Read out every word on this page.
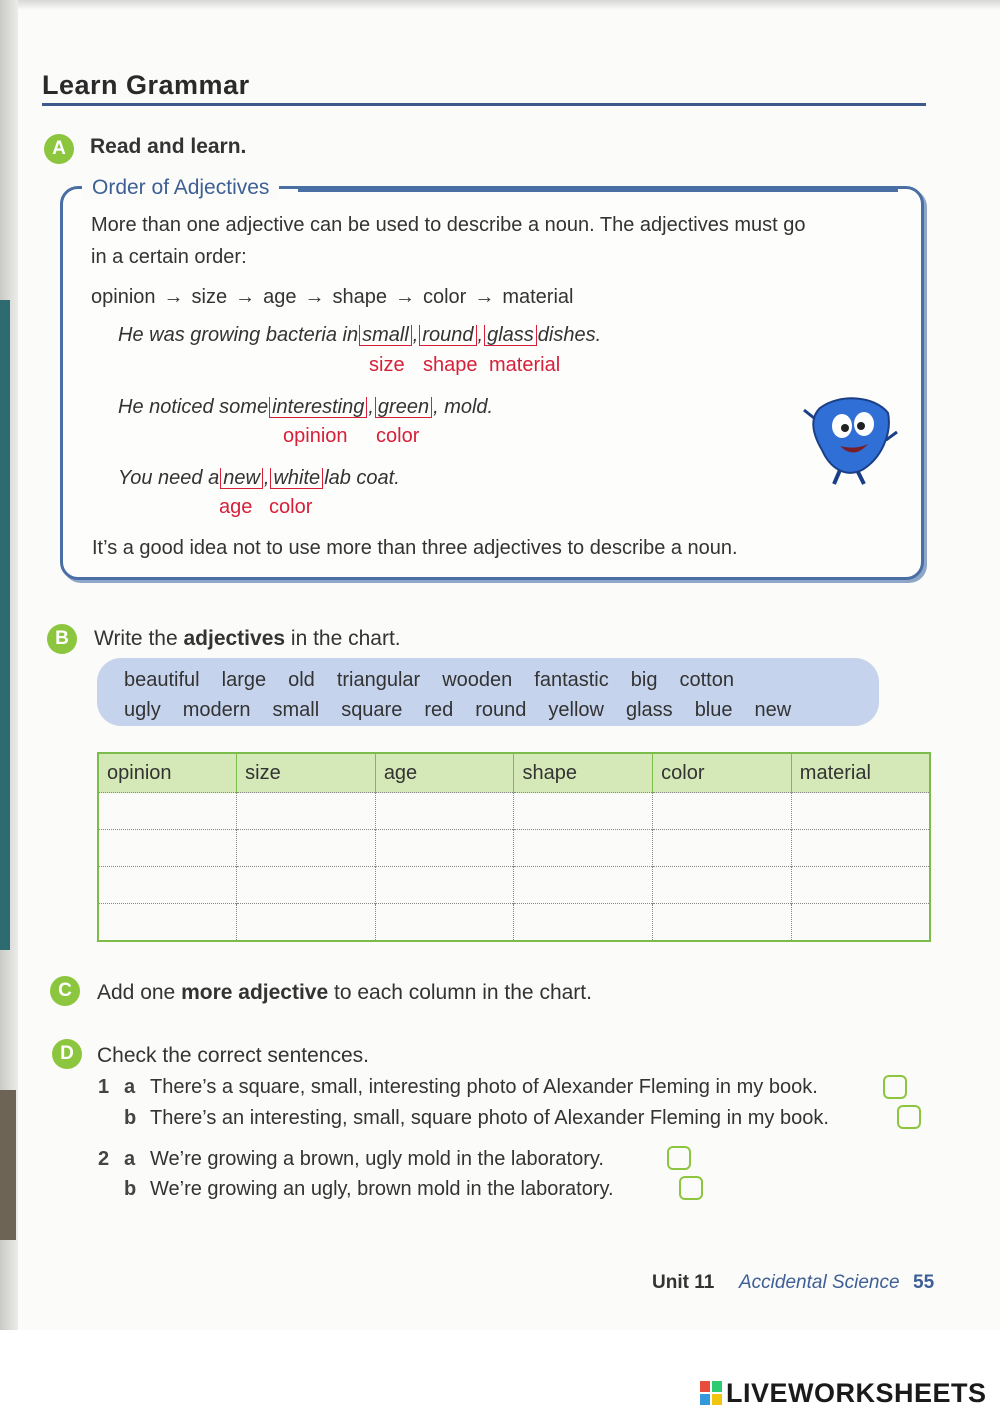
Learn Grammar
A	Read and learn.
Order of Adjectives
More than one adjective can be used to describe a noun. The adjectives must go
in a certain order:
opinion → size → age → shape → color → material
He was growing bacteria in small , round , glass dishes.
size shape material
He noticed some interesting , green , mold.
opinion color
You need a new , white lab coat.
age color
It’s a good idea not to use more than three adjectives to describe a noun.
B	Write the adjectives in the chart.
beautiful large old triangular wooden fantastic big cotton
ugly modern small square red round yellow glass blue new
opinion	size	age	shape	color	material

C	Add one more adjective to each column in the chart.
D	Check the correct sentences.
1 a There’s a square, small, interesting photo of Alexander Fleming in my book.
b There’s an interesting, small, square photo of Alexander Fleming in my book.
2 a We’re growing a brown, ugly mold in the laboratory.
b We’re growing an ugly, brown mold in the laboratory.
Unit 11 Accidental Science 55
LIVEWORKSHEETS
